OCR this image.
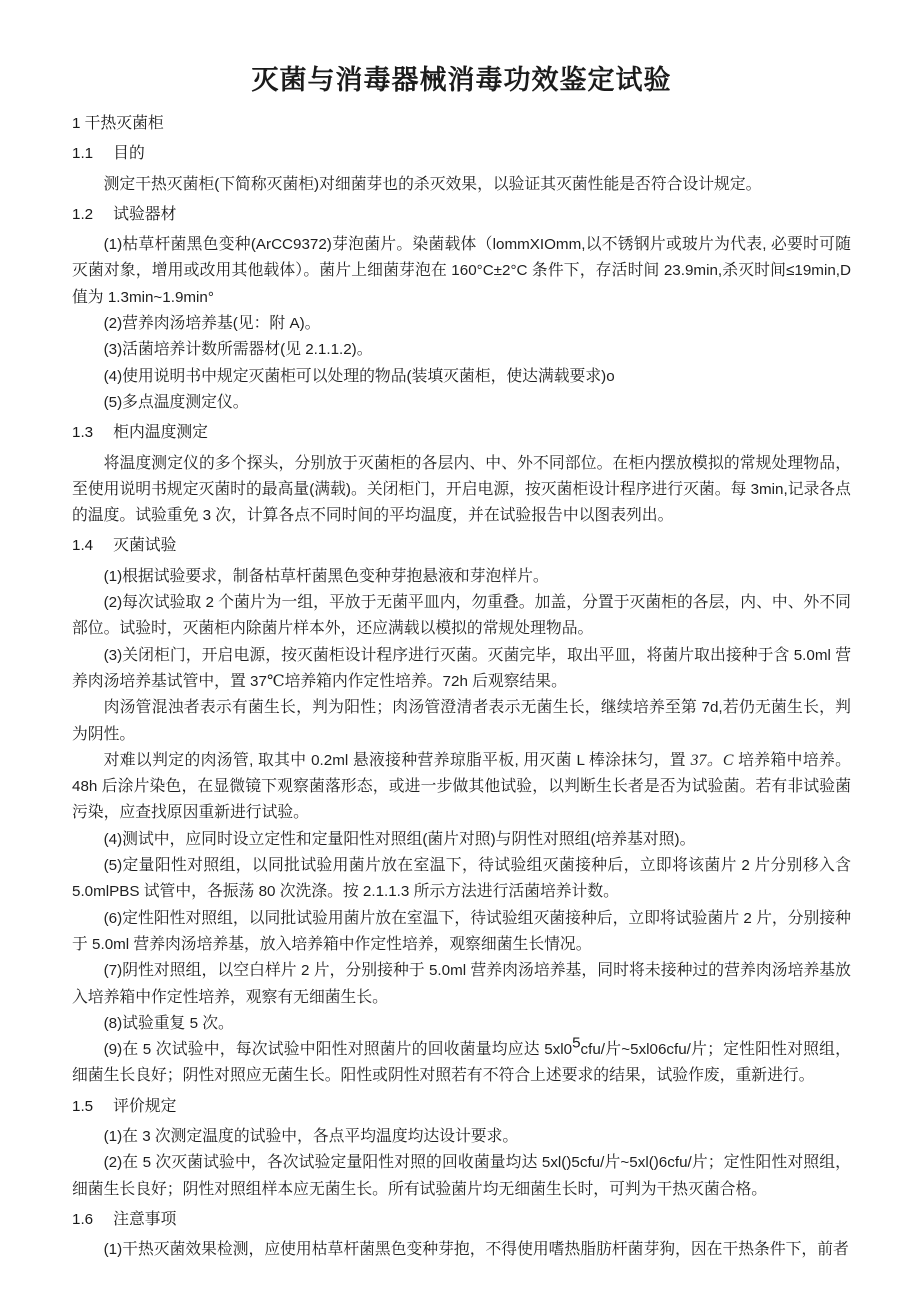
灭菌与消毒器械消毒功效鉴定试验
1 干热灭菌柜
1.1　 目的

测定干热灭菌柜(下简称灭菌柜)对细菌芽也的杀灭效果，以验证其灭菌性能是否符合设计规定。

1.2　 试验器材

(1)枯草杆菌黑色变种(ArCC9372)芽泡菌片。染菌载体（lommXIOmm,以不锈钢片或玻片为代表, 必要时可随灭菌对象，增用或改用其他载体）。菌片上细菌芽泡在 160°C±2°C 条件下，存活时间 23.9min,杀灭时间≤19min,D 值为 1.3min~1.9min°

(2)营养肉汤培养基(见：附 A)。

(3)活菌培养计数所需器材(见 2.1.1.2)。

(4)使用说明书中规定灭菌柜可以处理的物品(装填灭菌柜，使达满载要求)o

(5)多点温度测定仪。

1.3　 柜内温度测定

将温度测定仪的多个探头，分别放于灭菌柜的各层内、中、外不同部位。在柜内摆放模拟的常规处理物品，至使用说明书规定灭菌时的最高量(满载)。关闭柜门，开启电源，按灭菌柜设计程序进行灭菌。每 3min,记录各点的温度。试验重免 3 次，计算各点不同时间的平均温度，并在试验报告中以图表列出。

1.4　 灭菌试验

(1)根据试验要求，制备枯草杆菌黑色变种芽抱悬液和芽泡样片。

(2)每次试验取 2 个菌片为一组，平放于无菌平皿内，勿重叠。加盖，分置于灭菌柜的各层，内、中、外不同部位。试验时，灭菌柜内除菌片样本外，还应满载以模拟的常规处理物品。

(3)关闭柜门，开启电源，按灭菌柜设计程序进行灭菌。灭菌完毕，取出平皿，将菌片取出接种于含 5.0ml 营养肉汤培养基试管中，置 37℃培养箱内作定性培养。72h 后观察结果。

肉汤管混浊者表示有菌生长，判为阳性；肉汤管澄清者表示无菌生长，继续培养至第 7d,若仍无菌生长，判为阴性。

对难以判定的肉汤管, 取其中 0.2ml 悬液接种营养琼脂平板, 用灭菌 L 棒涂抹匀，置 37。C 培养箱中培养。48h 后涂片染色，在显微镜下观察菌落形态，或进一步做其他试验，以判断生长者是否为试验菌。若有非试验菌污染，应查找原因重新进行试验。

(4)测试中，应同时设立定性和定量阳性对照组(菌片对照)与阴性对照组(培养基对照)。

(5)定量阳性对照组，以同批试验用菌片放在室温下，待试验组灭菌接种后，立即将该菌片 2 片分别移入含 5.0mlPBS 试管中，各振荡 80 次洗涤。按 2.1.1.3 所示方法进行活菌培养计数。

(6)定性阳性对照组，以同批试验用菌片放在室温下，待试验组灭菌接种后，立即将试验菌片 2 片，分别接种于 5.0ml 营养肉汤培养基，放入培养箱中作定性培养，观察细菌生长情况。

(7)阴性对照组，以空白样片 2 片，分别接种于 5.0ml 营养肉汤培养基，同时将未接种过的营养肉汤培养基放入培养箱中作定性培养，观察有无细菌生长。

(8)试验重复 5 次。

(9)在 5 次试验中，每次试验中阳性对照菌片的回收菌量均应达 $5xl0^5cfu/$片~5xl06cfu/片；定性阳性对照组，细菌生长良好；阴性对照应无菌生长。阳性或阴性对照若有不符合上述要求的结果，试验作废，重新进行。

1.5　 评价规定

(1)在 3 次测定温度的试验中，各点平均温度均达设计要求。

(2)在 5 次灭菌试验中，各次试验定量阳性对照的回收菌量均达 5xl()5cfu/片~5xl()6cfu/片；定性阳性对照组，细菌生长良好；阴性对照组样本应无菌生长。所有试验菌片均无细菌生长时，可判为干热灭菌合格。

1.6　 注意事项

(1)干热灭菌效果检测，应使用枯草杆菌黑色变种芽抱，不得使用嗜热脂肪杆菌芽狗，因在干热条件下，前者
